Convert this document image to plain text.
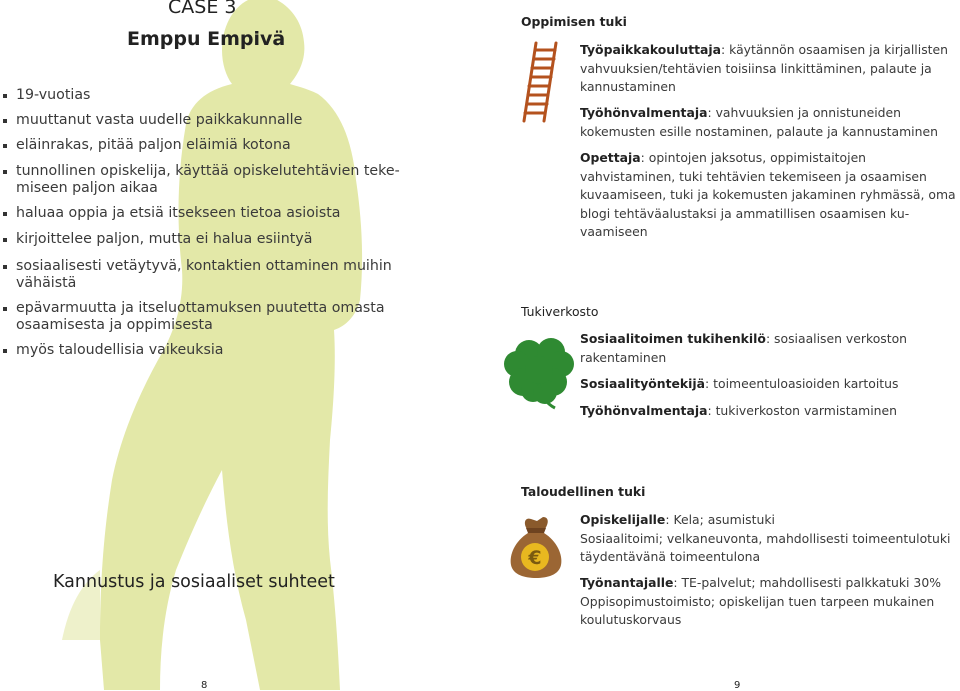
CASE 3
Emppu Empivä
19-vuotias
muuttanut vasta uudelle paikkakunnalle
eläinrakas, pitää paljon eläimiä kotona
tunnollinen opiskelija, käyttää opiskelutehtävien teke-miseen paljon aikaa
haluaa oppia ja etsiä itsekseen tietoa asioista
kirjoittelee paljon, mutta ei halua esiintyä
sosiaalisesti vetäytyvä, kontaktien ottaminen muihin vähäistä
epävarmuutta ja itseluottamuksen puutetta omasta osaamisesta ja oppimisesta
myös taloudellisia vaikeuksia
Kannustus ja sosiaaliset suhteet
8
Oppimisen tuki
Työpaikkakouluttaja: käytännön osaamisen ja kirjallisten vahvuuksien/tehtävien toisiinsa linkittäminen, palaute ja kannustaminen
Työhönvalmentaja: vahvuuksien ja onnistuneiden kokemusten esille nostaminen, palaute ja kannustaminen
Opettaja: opintojen jaksotus, oppimistaitojen vahvistaminen, tuki tehtävien tekemiseen ja osaamisen kuvaamiseen, tuki ja kokemusten jakaminen ryhmässä, oma blogi tehtäväalustaksi ja ammatillisen osaamisen ku-vaamiseen
Tukiverkosto
Sosiaalitoimen tukihenkilö: sosiaalisen verkoston rakentaminen
Sosiaalityöntekijä: toimeentuloasioiden kartoitus
Työhönvalmentaja: tukiverkoston varmistaminen
Taloudellinen tuki
€
Opiskelijalle: Kela; asumistuki
Sosiaalitoimi; velkaneuvonta, mahdollisesti toimeentulotuki täydentävänä toimeentulona
Työnantajalle: TE-palvelut; mahdollisesti palkkatuki 30%
Oppisopimustoimisto; opiskelijan tuen tarpeen mukainen koulutuskorvaus
9
